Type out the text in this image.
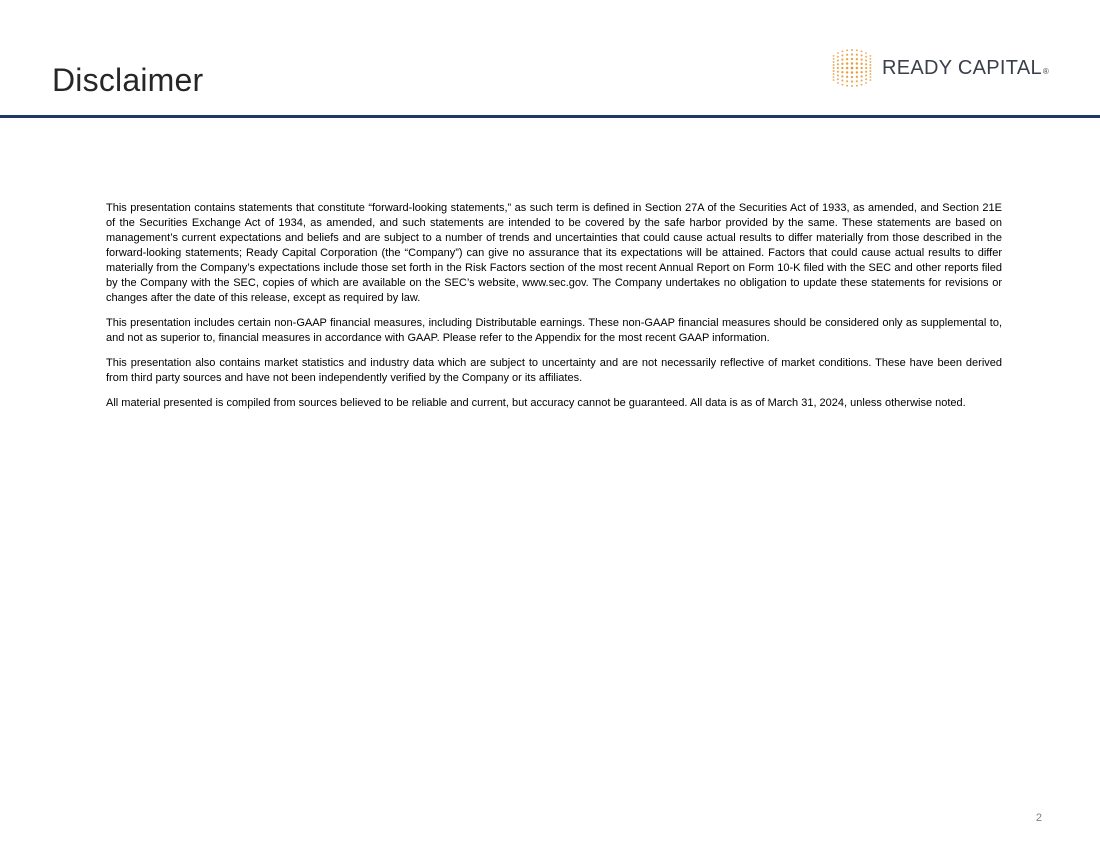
Disclaimer	READY CAPITAL®

This presentation contains statements that constitute “forward-looking statements,” as such term is defined in Section 27A of the Securities Act of 1933, as amended, and Section 21E of the Securities Exchange Act of 1934, as amended, and such statements are intended to be covered by the safe harbor provided by the same. These statements are based on management’s current expectations and beliefs and are subject to a number of trends and uncertainties that could cause actual results to differ materially from those described in the forward-looking statements; Ready Capital Corporation (the “Company”) can give no assurance that its expectations will be attained. Factors that could cause actual results to differ materially from the Company’s expectations include those set forth in the Risk Factors section of the most recent Annual Report on Form 10-K filed with the SEC and other reports filed by the Company with the SEC, copies of which are available on the SEC’s website, www.sec.gov. The Company undertakes no obligation to update these statements for revisions or changes after the date of this release, except as required by law.

This presentation includes certain non-GAAP financial measures, including Distributable earnings. These non-GAAP financial measures should be considered only as supplemental to, and not as superior to, financial measures in accordance with GAAP. Please refer to the Appendix for the most recent GAAP information.

This presentation also contains market statistics and industry data which are subject to uncertainty and are not necessarily reflective of market conditions. These have been derived from third party sources and have not been independently verified by the Company or its affiliates.

All material presented is compiled from sources believed to be reliable and current, but accuracy cannot be guaranteed. All data is as of March 31, 2024, unless otherwise noted.

2
